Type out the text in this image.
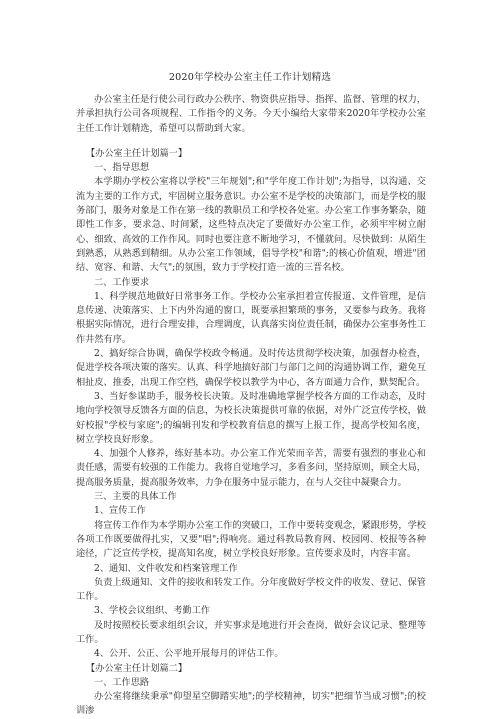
2020年学校办公室主任工作计划精选

办公室主任是行使公司行政办公秩序、物资供应指导、指挥、监督、管理的权力，并承担执行公司各项规程、工作指令的义务。今天小编给大家带来2020年学校办公室主任工作计划精选，希望可以帮助到大家。

【办公室主任计划篇一】

一、指导思想

本学期办学校公室将以学校"三年规划";和"学年度工作计划";为指导，以沟通、交流为主要的工作方式，牢固树立服务意识。办公室不是学校的决策部门，而是学校的服务部门，服务对象是工作在第一线的教职员工和学校各处室。办公室工作事务繁杂，随即性工作多，要求急、时间紧，这些特点决定了要做好办公室工作，必须牢牢树立耐心、细致、高效的工作作风。同时也要注意不断地学习，不懂就问。尽快做到：从陌生到熟悉，从熟悉到精细。从办公室工作领域，倡导学校"和谐";的核心价值观，增进"团结、宽容、和谐、大气";的氛围，致力于学校打造一流的三晋名校。

二、工作要求

1、科学规范地做好日常事务工作。学校办公室承担着宣传报道、文件管理，是信息传递、决策落实、上下内外沟通的窗口，既要承担繁琐的事务，又要参与政务。我将根据实际情况，进行合理安排，合理调度，认真落实岗位责任制，确保办公室事务性工作井然有序。

2、搞好综合协调，确保学校政令畅通。及时传达贯彻学校决策，加强督办检查，促进学校各项决策的落实。认真、科学地搞好部门与部门之间的沟通协调工作，避免互相扯皮、推委，出现工作空档，确保学校以教学为中心，各方面通力合作，默契配合。

3、当好参谋助手，服务校长决策。及时准确地掌握学校各方面的工作动态，及时地向学校领导反馈各方面的信息，为校长决策提供可靠的依据，对外广泛宣传学校，做好校报"学校与家庭";的编辑刊发和学校教育信息的撰写上报工作，提高学校知名度，树立学校良好形象。

4、加强个人修养，练好基本功。办公室工作光荣而辛苦，需要有强烈的事业心和责任感，需要有较强的工作能力。我将自觉地学习，多看多问，坚持原则，顾全大局，提高服务质量，提高服务效率，力争在服务中显示能力，在与人交往中凝聚合力。

三、主要的具体工作

1、宣传工作

将宣传工作作为本学期办公室工作的突破口，工作中要转变观念，紧跟形势，学校各项工作既要做得扎实，又要"唱";得响亮。通过科教局教育网、校园网、校报等各种途径，广泛宣传学校，提高知名度，树立学校良好形象。宣传要求及时，内容丰富。

2、通知、文件收发和档案管理工作

负责上级通知、文件的接收和转发工作。分年度做好学校文件的收发、登记、保管工作。

3、学校会议组织、考勤工作

及时按照校长要求组织会议，并实事求是地进行开会查岗，做好会议记录、整理等工作。

4、公开、公正、公平地开展每月的评估工作。

【办公室主任计划篇二】

一、工作思路

办公室将继续秉承"仰望星空脚踏实地";的学校精神，切实"把细节当成习惯";的校训渗
